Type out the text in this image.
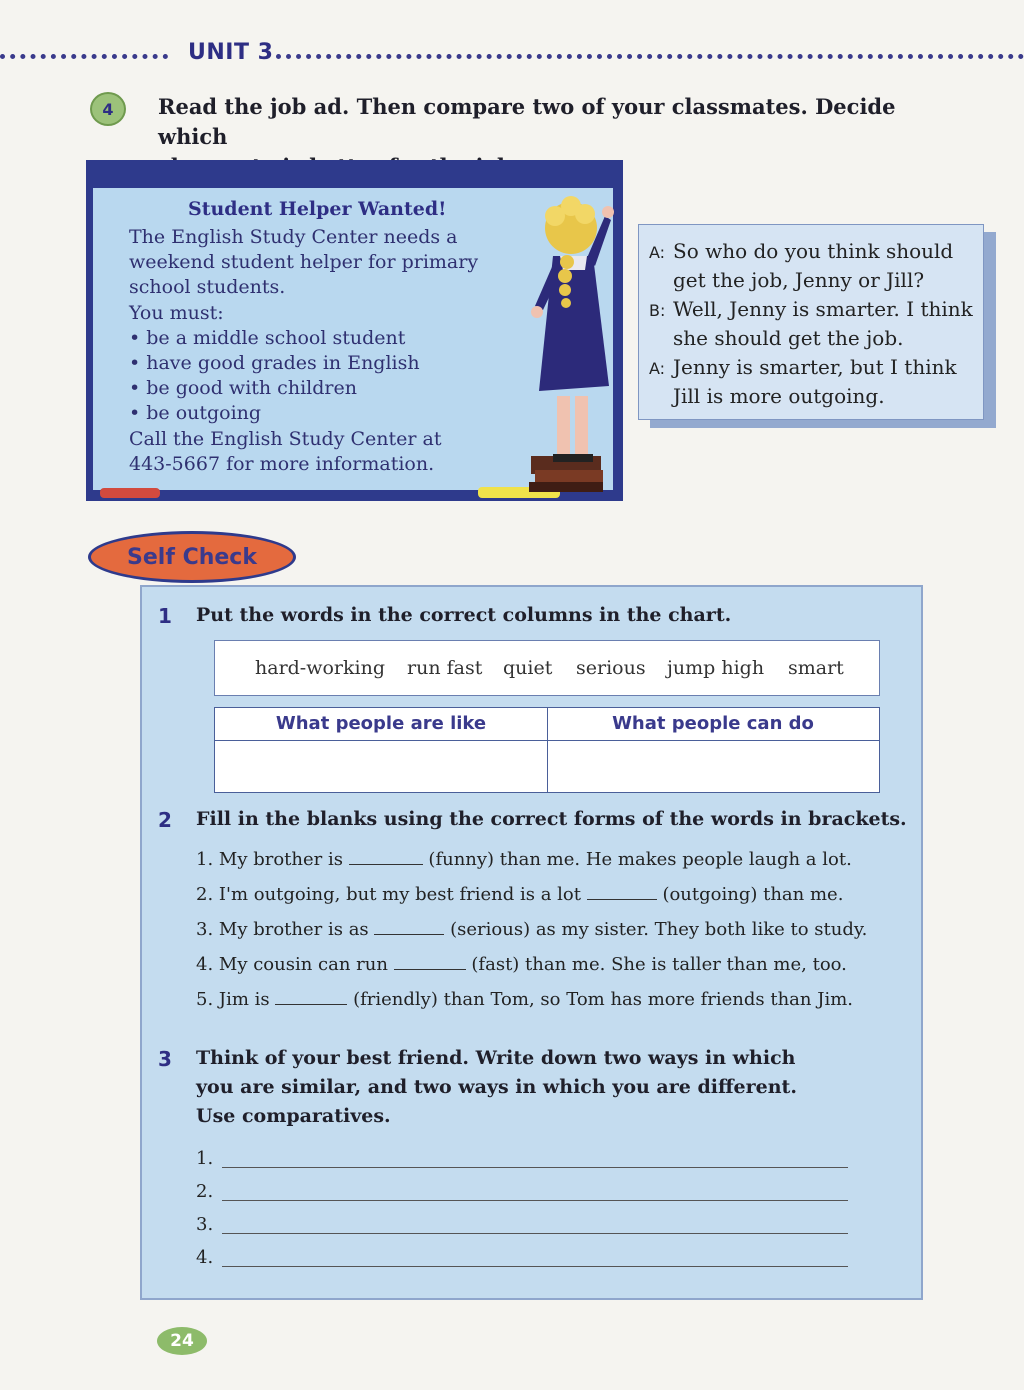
UNIT 3
4	Read the job ad. Then compare two of your classmates. Decide which
Student Helper Wanted!
The English Study Center needs a
weekend student helper for primary
school students.
You must:
• be a middle school student
• have good grades in English
• be good with children
• be outgoing
Call the English Study Center at
443-5667 for more information.
A: So who do you think should
get the job, Jenny or Jill?
B: Well, Jenny is smarter. I think
she should get the job.
A: Jenny is smarter, but I think
Jill is more outgoing.
Self Check
1 Put the words in the correct columns in the chart.
hard-working run fast quiet serious jump high smart
What people are like	What people can do
2 Fill in the blanks using the correct forms of the words in brackets.
1. My brother is	(funny) than me. He makes people laugh a lot.
2. I'm outgoing, but my best friend is a lot	(outgoing) than me.
3. My brother is as	(serious) as my sister. They both like to study.
4. My cousin can run	(fast) than me. She is taller than me, too.
5. Jim is	(friendly) than Tom, so Tom has more friends than Jim.
3 Think of your best friend. Write down two ways in which
you are similar, and two ways in which you are different.
Use comparatives.
1.
2.
3.
4.
24
